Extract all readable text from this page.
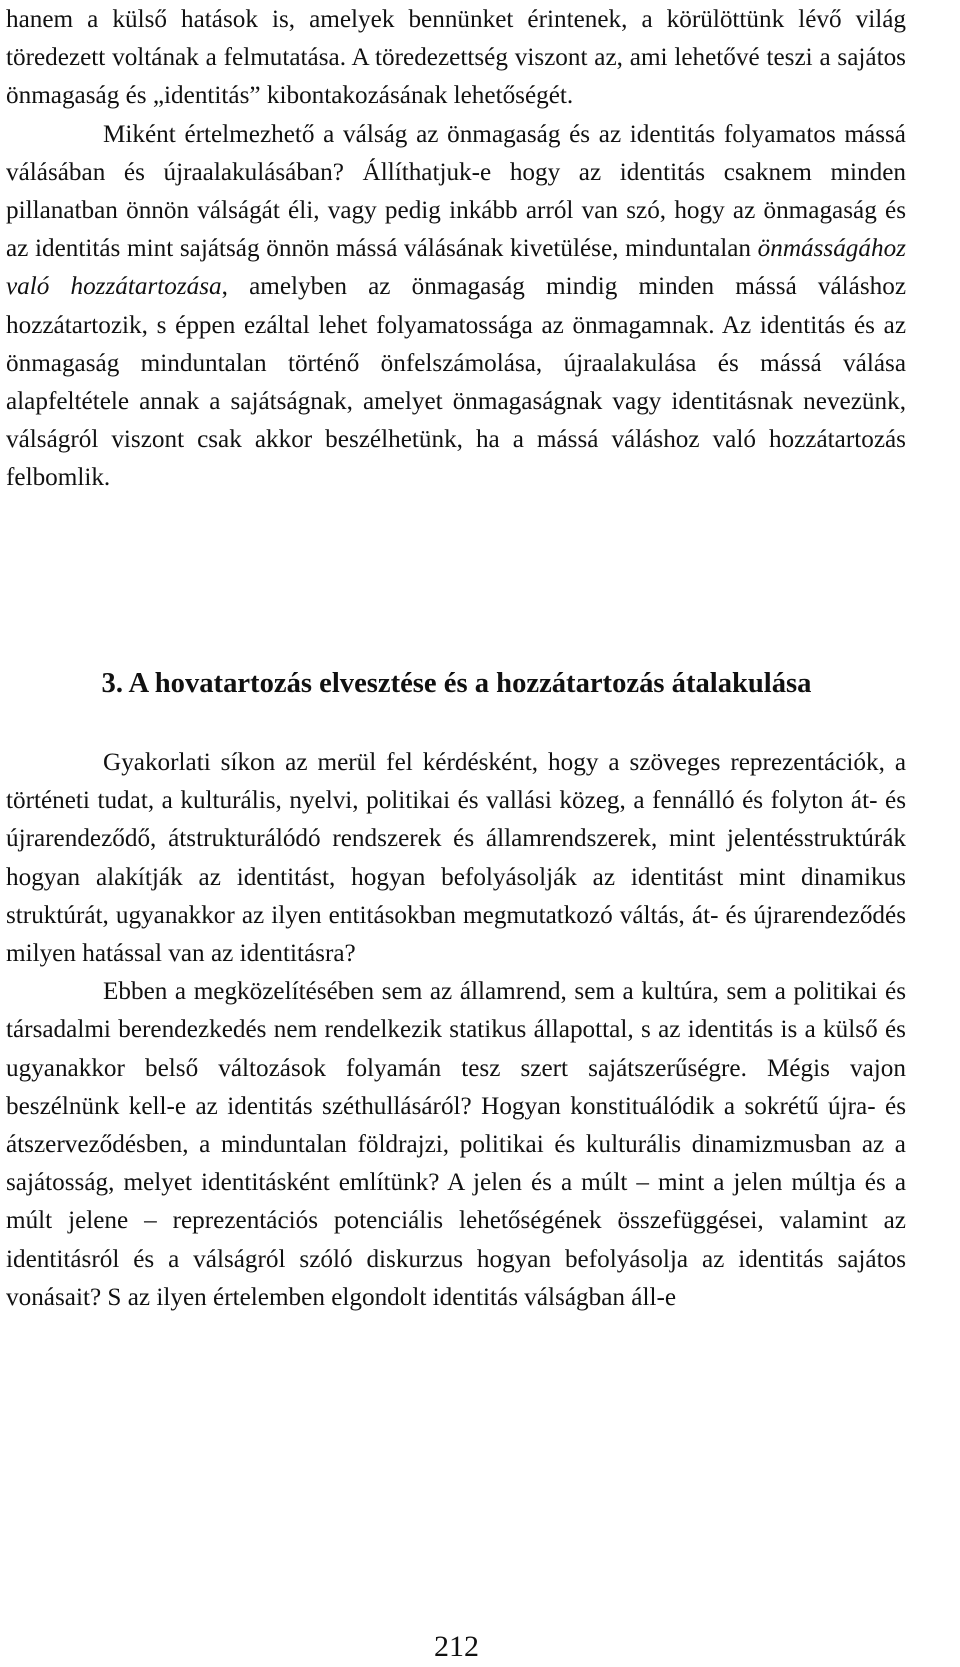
hanem a külső hatások is, amelyek bennünket érintenek, a körülöttünk lévő világ töredezett voltának a felmutatása. A töredezettség viszont az, ami lehetővé teszi a sajátos önmagaság és „identitás” kibontakozásának lehetőségét.

Miként értelmezhető a válság az önmagaság és az identitás folyamatos mássá válásában és újraalakulásában? Állíthatjuk-e hogy az identitás csaknem minden pillanatban önnön válságát éli, vagy pedig inkább arról van szó, hogy az önmagaság és az identitás mint sajátság önnön mássá válásának kivetülése, minduntalan önmásságához való hozzátartozása, amelyben az önmagaság mindig minden mássá váláshoz hozzátartozik, s éppen ezáltal lehet folyamatossága az önmagamnak. Az identitás és az önmagaság minduntalan történő önfelszámolása, újraalakulása és mássá válása alapfeltétele annak a sajátságnak, amelyet önmagaságnak vagy identitásnak nevezünk, válságról viszont csak akkor beszélhetünk, ha a mássá váláshoz való hozzátartozás felbomlik.

3. A hovatartozás elvesztése és a hozzátartozás átalakulása

Gyakorlati síkon az merül fel kérdésként, hogy a szöveges reprezentációk, a történeti tudat, a kulturális, nyelvi, politikai és vallási közeg, a fennálló és folyton át- és újrarendeződő, átstrukturálódó rendszerek és államrendszerek, mint jelentésstruktúrák hogyan alakítják az identitást, hogyan befolyásolják az identitást mint dinamikus struktúrát, ugyanakkor az ilyen entitásokban megmutatkozó váltás, át- és újrarendeződés milyen hatással van az identitásra?

Ebben a megközelítésében sem az államrend, sem a kultúra, sem a politikai és társadalmi berendezkedés nem rendelkezik statikus állapottal, s az identitás is a külső és ugyanakkor belső változások folyamán tesz szert sajátszerűségre. Mégis vajon beszélnünk kell-e az identitás széthullásáról? Hogyan konstituálódik a sokrétű újra- és átszerveződésben, a minduntalan földrajzi, politikai és kulturális dinamizmusban az a sajátosság, melyet identitásként említünk? A jelen és a múlt – mint a jelen múltja és a múlt jelene – reprezentációs potenciális lehetőségének összefüggései, valamint az identitásról és a válságról szóló diskurzus hogyan befolyásolja az identitás sajátos vonásait? S az ilyen értelemben elgondolt identitás válságban áll-e

212
